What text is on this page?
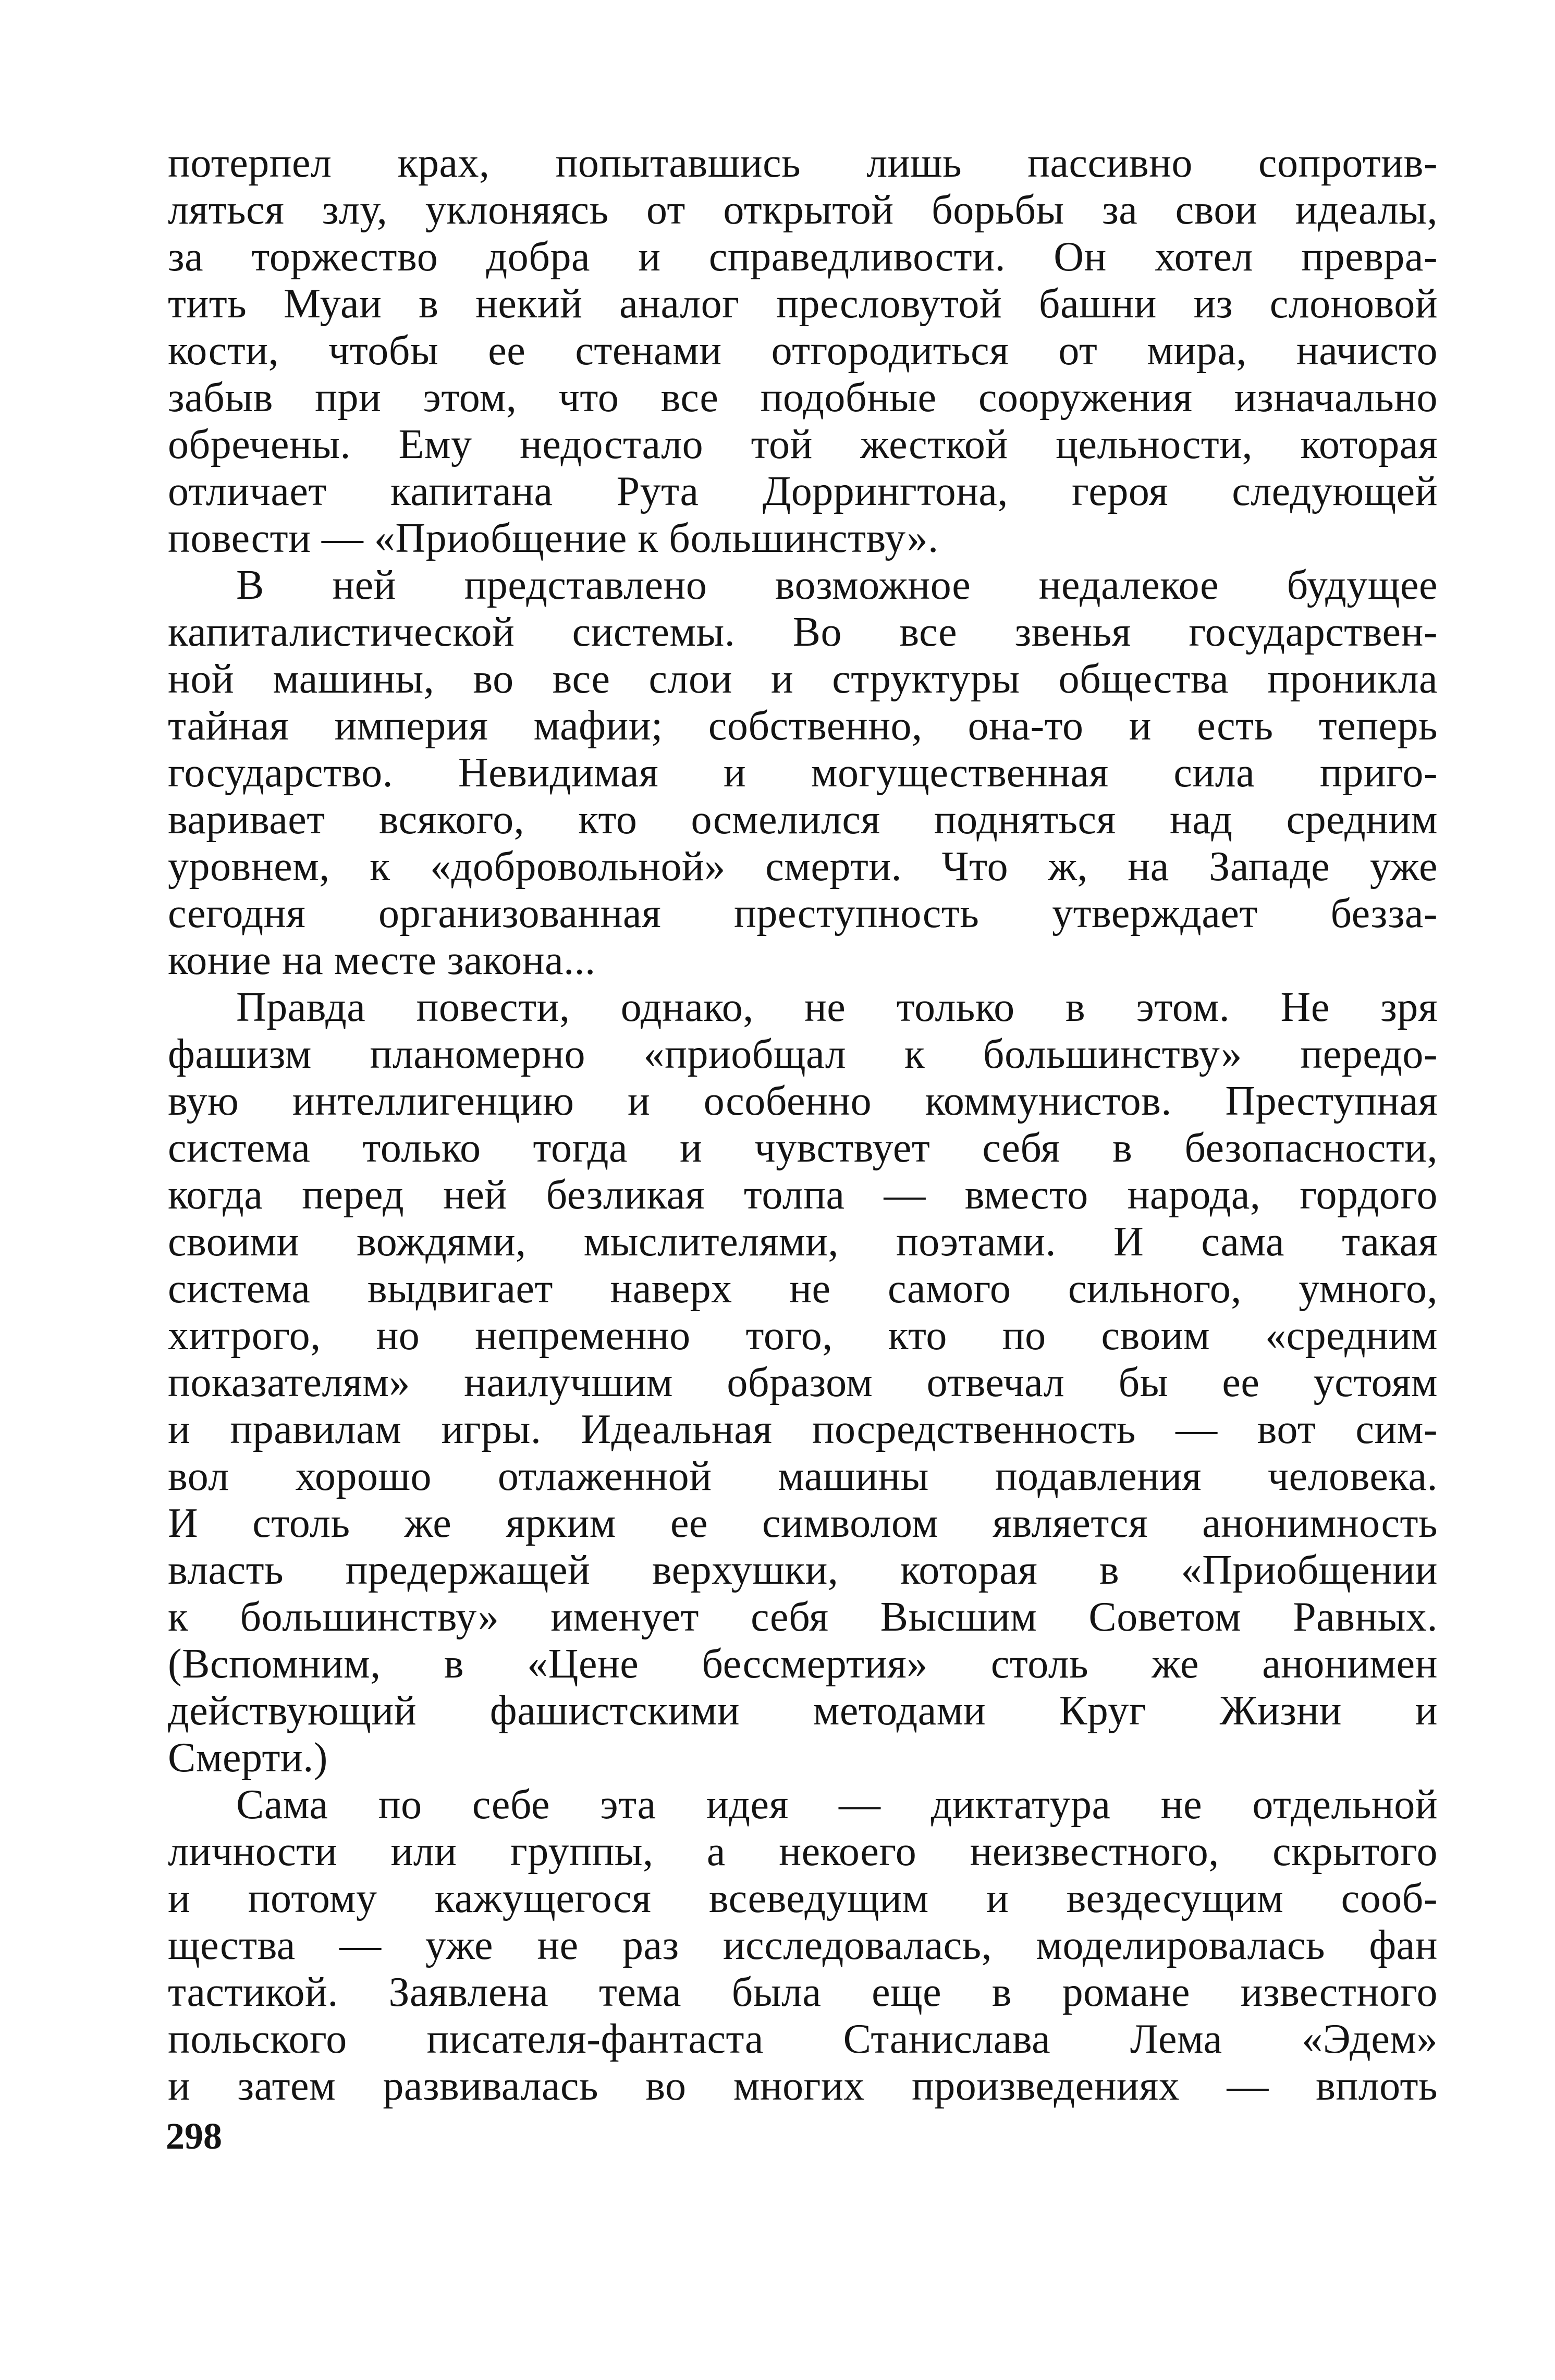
потерпел крах, попытавшись лишь пассивно сопротив-
ляться злу, уклоняясь от открытой борьбы за свои идеалы,
за торжество добра и справедливости. Он хотел превра-
тить Муаи в некий аналог пресловутой башни из слоновой
кости, чтобы ее стенами отгородиться от мира, начисто
забыв при этом, что все подобные сооружения изначально
обречены. Ему недостало той жесткой цельности, которая
отличает капитана Рута Доррингтона, героя следующей
повести — «Приобщение к большинству».
В ней представлено возможное недалекое будущее
капиталистической системы. Во все звенья государствен-
ной машины, во все слои и структуры общества проникла
тайная империя мафии; собственно, она-то и есть теперь
государство. Невидимая и могущественная сила приго-
варивает всякого, кто осмелился подняться над средним
уровнем, к «добровольной» смерти. Что ж, на Западе уже
сегодня организованная преступность утверждает безза-
коние на месте закона...
Правда повести, однако, не только в этом. Не зря
фашизм планомерно «приобщал к большинству» передо-
вую интеллигенцию и особенно коммунистов. Преступная
система только тогда и чувствует себя в безопасности,
когда перед ней безликая толпа — вместо народа, гордого
своими вождями, мыслителями, поэтами. И сама такая
система выдвигает наверх не самого сильного, умного,
хитрого, но непременно того, кто по своим «средним
показателям» наилучшим образом отвечал бы ее устоям
и правилам игры. Идеальная посредственность — вот сим-
вол хорошо отлаженной машины подавления человека.
И столь же ярким ее символом является анонимность
власть предержащей верхушки, которая в «Приобщении
к большинству» именует себя Высшим Советом Равных.
(Вспомним, в «Цене бессмертия» столь же анонимен
действующий фашистскими методами Круг Жизни и
Смерти.)
Сама по себе эта идея — диктатура не отдельной
личности или группы, а некоего неизвестного, скрытого
и потому кажущегося всеведущим и вездесущим сооб-
щества — уже не раз исследовалась, моделировалась фан
тастикой. Заявлена тема была еще в романе известного
польского писателя-фантаста Станислава Лема «Эдем»
и затем развивалась во многих произведениях — вплоть
298
